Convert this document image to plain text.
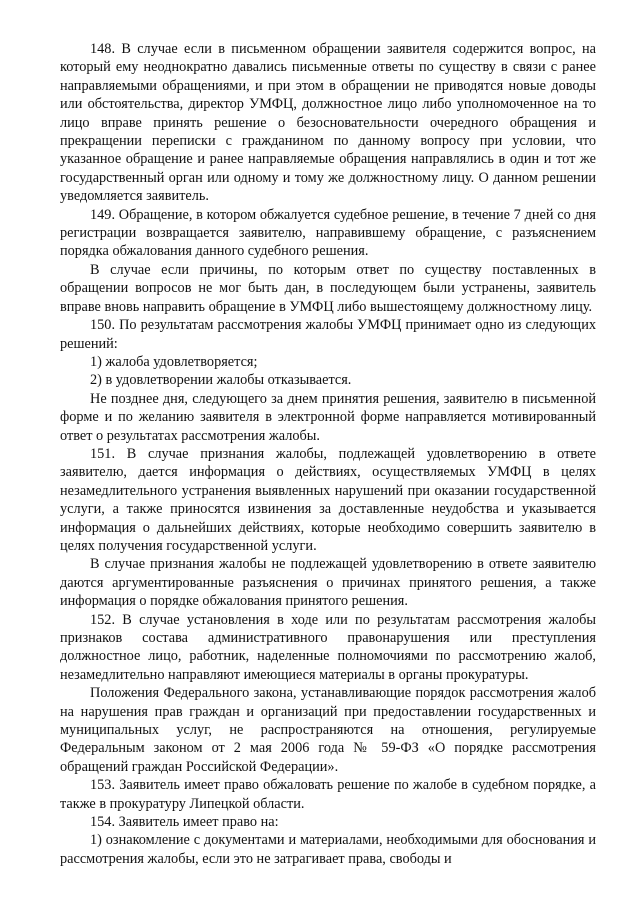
148. В случае если в письменном обращении заявителя содержится вопрос, на который ему неоднократно давались письменные ответы по существу в связи с ранее направляемыми обращениями, и при этом в обращении не приводятся новые доводы или обстоятельства, директор УМФЦ, должностное лицо либо уполномоченное на то лицо вправе принять решение о безосновательности очередного обращения и прекращении переписки с гражданином по данному вопросу при условии, что указанное обращение и ранее направляемые обращения направлялись в один и тот же государственный орган или одному и тому же должностному лицу. О данном решении уведомляется заявитель.

149. Обращение, в котором обжалуется судебное решение, в течение 7 дней со дня регистрации возвращается заявителю, направившему обращение, с разъяснением порядка обжалования данного судебного решения.

В случае если причины, по которым ответ по существу поставленных в обращении вопросов не мог быть дан, в последующем были устранены, заявитель вправе вновь направить обращение в УМФЦ либо вышестоящему должностному лицу.

150. По результатам рассмотрения жалобы УМФЦ принимает одно из следующих решений:

1) жалоба удовлетворяется;

2) в удовлетворении жалобы отказывается.

Не позднее дня, следующего за днем принятия решения, заявителю в письменной форме и по желанию заявителя в электронной форме направляется мотивированный ответ о результатах рассмотрения жалобы.

151. В случае признания жалобы, подлежащей удовлетворению в ответе заявителю, дается информация о действиях, осуществляемых УМФЦ в целях незамедлительного устранения выявленных нарушений при оказании государственной услуги, а также приносятся извинения за доставленные неудобства и указывается информация о дальнейших действиях, которые необходимо совершить заявителю в целях получения государственной услуги.

В случае признания жалобы не подлежащей удовлетворению в ответе заявителю даются аргументированные разъяснения о причинах принятого решения, а также информация о порядке обжалования принятого решения.

152. В случае установления в ходе или по результатам рассмотрения жалобы признаков состава административного правонарушения или преступления должностное лицо, работник, наделенные полномочиями по рассмотрению жалоб, незамедлительно направляют имеющиеся материалы в органы прокуратуры.

Положения Федерального закона, устанавливающие порядок рассмотрения жалоб на нарушения прав граждан и организаций при предоставлении государственных и муниципальных услуг, не распространяются на отношения, регулируемые Федеральным законом от 2 мая 2006 года № 59-ФЗ «О порядке рассмотрения обращений граждан Российской Федерации».

153. Заявитель имеет право обжаловать решение по жалобе в судебном порядке, а также в прокуратуру Липецкой области.

154. Заявитель имеет право на:

1) ознакомление с документами и материалами, необходимыми для обоснования и рассмотрения жалобы, если это не затрагивает права, свободы и
